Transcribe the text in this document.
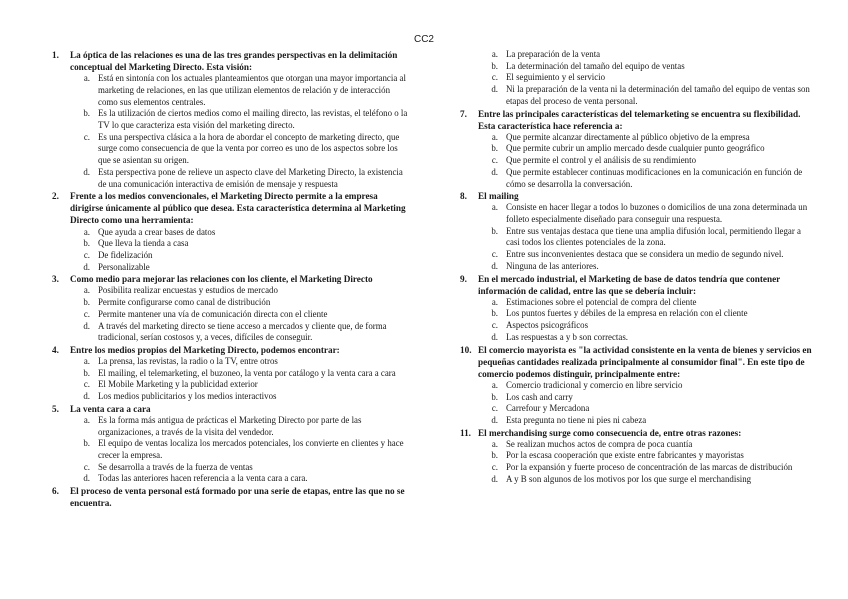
CC2
1.	La óptica de las relaciones es una de las tres grandes perspectivas en la delimitación conceptual del Marketing Directo. Esta visión:
a. Está en sintonía con los actuales planteamientos que otorgan una mayor importancia al marketing de relaciones, en las que utilizan elementos de relación y de interacción como sus elementos centrales.
b. Es la utilización de ciertos medios como el mailing directo, las revistas, el teléfono o la TV lo que caracteriza esta visión del marketing directo.
c. Es una perspectiva clásica a la hora de abordar el concepto de marketing directo, que surge como consecuencia de que la venta por correo es uno de los aspectos sobre los que se asientan su origen.
d. Esta perspectiva pone de relieve un aspecto clave del Marketing Directo, la existencia de una comunicación interactiva de emisión de mensaje y respuesta
2.	Frente a los medios convencionales, el Marketing Directo permite a la empresa dirigirse únicamente al público que desea. Esta característica determina al Marketing Directo como una herramienta:
a. Que ayuda a crear bases de datos
b. Que lleva la tienda a casa
c. De fidelización
d. Personalizable
3.	Como medio para mejorar las relaciones con los cliente, el Marketing Directo
a. Posibilita realizar encuestas y estudios de mercado
b. Permite configurarse como canal de distribución
c. Permite mantener una vía de comunicación directa con el cliente
d. A través del marketing directo se tiene acceso a mercados y cliente que, de forma tradicional, serían costosos y, a veces, difíciles de conseguir.
4.	Entre los medios propios del Marketing Directo, podemos encontrar:
a. La prensa, las revistas, la radio o la TV, entre otros
b. El mailing, el telemarketing, el buzoneo, la venta por catálogo y la venta cara a cara
c. El Mobile Marketing y la publicidad exterior
d. Los medios publicitarios y los medios interactivos
5.	La venta cara a cara
a. Es la forma más antigua de prácticas el Marketing Directo por parte de las organizaciones, a través de la visita del vendedor.
b. El equipo de ventas localiza los mercados potenciales, los convierte en clientes y hace crecer la empresa.
c. Se desarrolla a través de la fuerza de ventas
d. Todas las anteriores hacen referencia a la venta cara a cara.
6.	El proceso de venta personal está formado por una serie de etapas, entre las que no se encuentra.
a. La preparación de la venta
b. La determinación del tamaño del equipo de ventas
c. El seguimiento y el servicio
d. Ni la preparación de la venta ni la determinación del tamaño del equipo de ventas son etapas del proceso de venta personal.
7.	Entre las principales características del telemarketing se encuentra su flexibilidad. Esta característica hace referencia a:
a. Que permite alcanzar directamente al público objetivo de la empresa
b. Que permite cubrir un amplio mercado desde cualquier punto geográfico
c. Que permite el control y el análisis de su rendimiento
d. Que permite establecer continuas modificaciones en la comunicación en función de cómo se desarrolla la conversación.
8.	El mailing
a. Consiste en hacer llegar a todos lo buzones o domicilios de una zona determinada un folleto especialmente diseñado para conseguir una respuesta.
b. Entre sus ventajas destaca que tiene una amplia difusión local, permitiendo llegar a casi todos los clientes potenciales de la zona.
c. Entre sus inconvenientes destaca que se considera un medio de segundo nivel.
d. Ninguna de las anteriores.
9.	En el mercado industrial, el Marketing de base de datos tendría que contener información de calidad, entre las que se debería incluir:
a. Estimaciones sobre el potencial de compra del cliente
b. Los puntos fuertes y débiles de la empresa en relación con el cliente
c. Aspectos psicográficos
d. Las respuestas a y b son correctas.
10. El comercio mayorista es "la actividad consistente en la venta de bienes y servicios en pequeñas cantidades realizada principalmente al consumidor final". En este tipo de comercio podemos distinguir, principalmente entre:
a. Comercio tradicional y comercio en libre servicio
b. Los cash and carry
c. Carrefour y Mercadona
d. Esta pregunta no tiene ni pies ni cabeza
11. El merchandising surge como consecuencia de, entre otras razones:
a. Se realizan muchos actos de compra de poca cuantía
b. Por la escasa cooperación que existe entre fabricantes y mayoristas
c. Por la expansión y fuerte proceso de concentración de las marcas de distribución
d. A y B son algunos de los motivos por los que surge el merchandising
